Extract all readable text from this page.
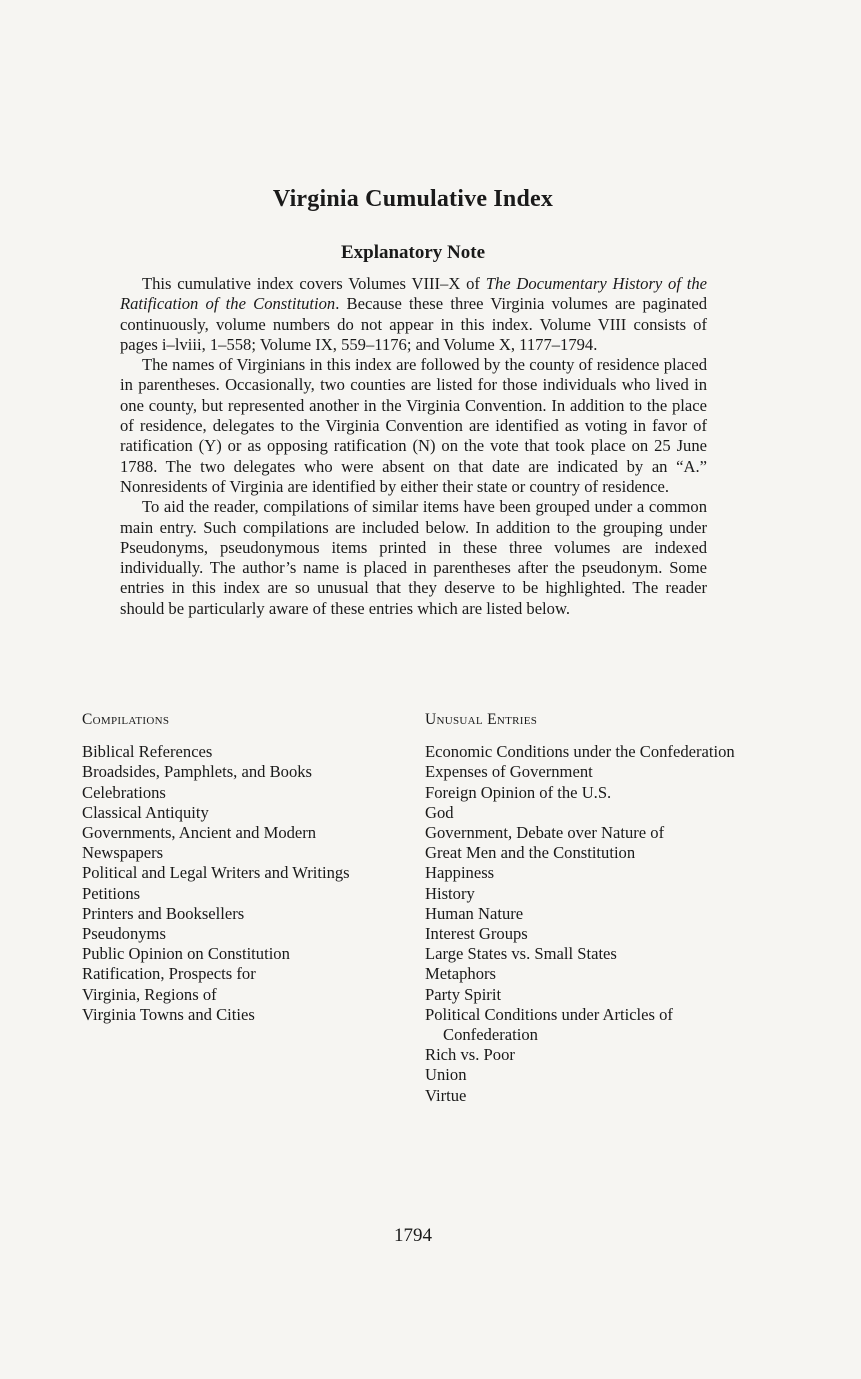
Virginia Cumulative Index
Explanatory Note

This cumulative index covers Volumes VIII–X of The Documentary History of the Ratification of the Constitution. Because these three Virginia volumes are paginated continuously, volume numbers do not appear in this index. Volume VIII consists of pages i–lviii, 1–558; Volume IX, 559–1176; and Volume X, 1177–1794.

The names of Virginians in this index are followed by the county of residence placed in parentheses. Occasionally, two counties are listed for those individuals who lived in one county, but represented another in the Virginia Convention. In addition to the place of residence, delegates to the Virginia Convention are identified as voting in favor of ratification (Y) or as opposing ratification (N) on the vote that took place on 25 June 1788. The two delegates who were absent on that date are indicated by an “A.” Nonresidents of Virginia are identified by either their state or country of residence.

To aid the reader, compilations of similar items have been grouped under a common main entry. Such compilations are included below. In addition to the grouping under Pseudonyms, pseudonymous items printed in these three volumes are indexed individually. The author’s name is placed in parentheses after the pseudonym. Some entries in this index are so unusual that they deserve to be highlighted. The reader should be particularly aware of these entries which are listed below.

Compilations
Biblical References
Broadsides, Pamphlets, and Books
Celebrations
Classical Antiquity
Governments, Ancient and Modern
Newspapers
Political and Legal Writers and Writings
Petitions
Printers and Booksellers
Pseudonyms
Public Opinion on Constitution
Ratification, Prospects for
Virginia, Regions of
Virginia Towns and Cities
Unusual Entries
Economic Conditions under the Confederation
Expenses of Government
Foreign Opinion of the U.S.
God
Government, Debate over Nature of
Great Men and the Constitution
Happiness
History
Human Nature
Interest Groups
Large States vs. Small States
Metaphors
Party Spirit
Political Conditions under Articles of Confederation
Rich vs. Poor
Union
Virtue
1794
